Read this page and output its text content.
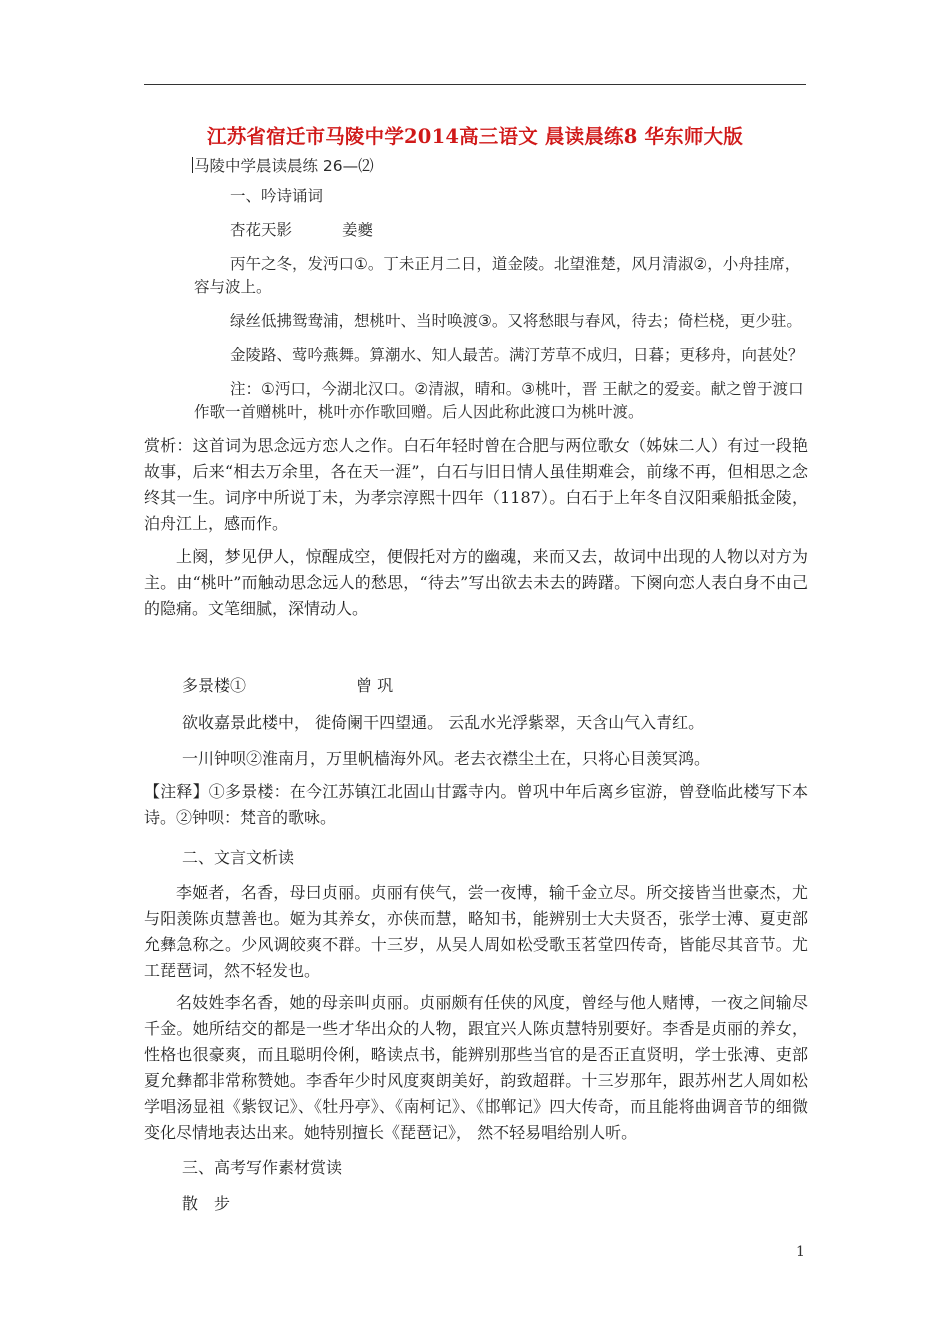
江苏省宿迁市马陵中学2014高三语文 晨读晨练8 华东师大版
马陵中学晨读晨练 26—⑵
一、吟诗诵词
杏花天影	姜夔
丙午之冬，发沔口①。丁未正月二日，道金陵。北望淮楚，风月清淑②，小舟挂席，
容与波上。
绿丝低拂鸳鸯浦，想桃叶、当时唤渡③。又将愁眼与春风，待去；倚栏桡，更少驻。
金陵路、莺吟燕舞。算潮水、知人最苦。满汀芳草不成归，日暮；更移舟，向甚处？
注：①沔口，今湖北汉口。②清淑，晴和。③桃叶，晋 王献之的爱妾。献之曾于渡口
作歌一首赠桃叶，桃叶亦作歌回赠。后人因此称此渡口为桃叶渡。
赏析：这首词为思念远方恋人之作。白石年轻时曾在合肥与两位歌女（姊妹二人）有过一段艳故事，后来“相去万余里，各在天一涯”，白石与旧日情人虽佳期难会，前缘不再，但相思之念终其一生。词序中所说丁未，为孝宗淳熙十四年（1187）。白石于上年冬自汉阳乘船抵金陵，泊舟江上，感而作。
上阕，梦见伊人，惊醒成空，便假托对方的幽魂，来而又去，故词中出现的人物以对方为主。由“桃叶”而触动思念远人的愁思，“待去”写出欲去未去的踌躇。下阕向恋人表白身不由己的隐痛。文笔细腻，深情动人。
多景楼①	曾 巩
欲收嘉景此楼中， 徙倚阑干四望通。 云乱水光浮紫翠，天含山气入青红。
一川钟呗②淮南月，万里帆樯海外风。老去衣襟尘土在，只将心目羡冥鸿。
【注释】①多景楼：在今江苏镇江北固山甘露寺内。曾巩中年后离乡宦游，曾登临此楼写下本诗。②钟呗：梵音的歌咏。
二、文言文析读
李姬者，名香，母曰贞丽。贞丽有侠气，尝一夜博，输千金立尽。所交接皆当世豪杰，尤与阳羡陈贞慧善也。姬为其养女，亦侠而慧，略知书，能辨别士大夫贤否，张学士溥、夏吏部允彝急称之。少风调皎爽不群。十三岁，从吴人周如松受歌玉茗堂四传奇，皆能尽其音节。尤工琵琶词，然不轻发也。
名妓姓李名香，她的母亲叫贞丽。贞丽颇有任侠的风度，曾经与他人赌博，一夜之间输尽千金。她所结交的都是一些才华出众的人物，跟宜兴人陈贞慧特别要好。李香是贞丽的养女，性格也很豪爽，而且聪明伶俐，略读点书，能辨别那些当官的是否正直贤明，学士张溥、吏部夏允彝都非常称赞她。李香年少时风度爽朗美好，韵致超群。十三岁那年，跟苏州艺人周如松学唱汤显祖《紫钗记》、《牡丹亭》、《南柯记》、《邯郸记》四大传奇，而且能将曲调音节的细微变化尽情地表达出来。她特别擅长《琵琶记》， 然不轻易唱给别人听。
三、高考写作素材赏读
散　步
1
